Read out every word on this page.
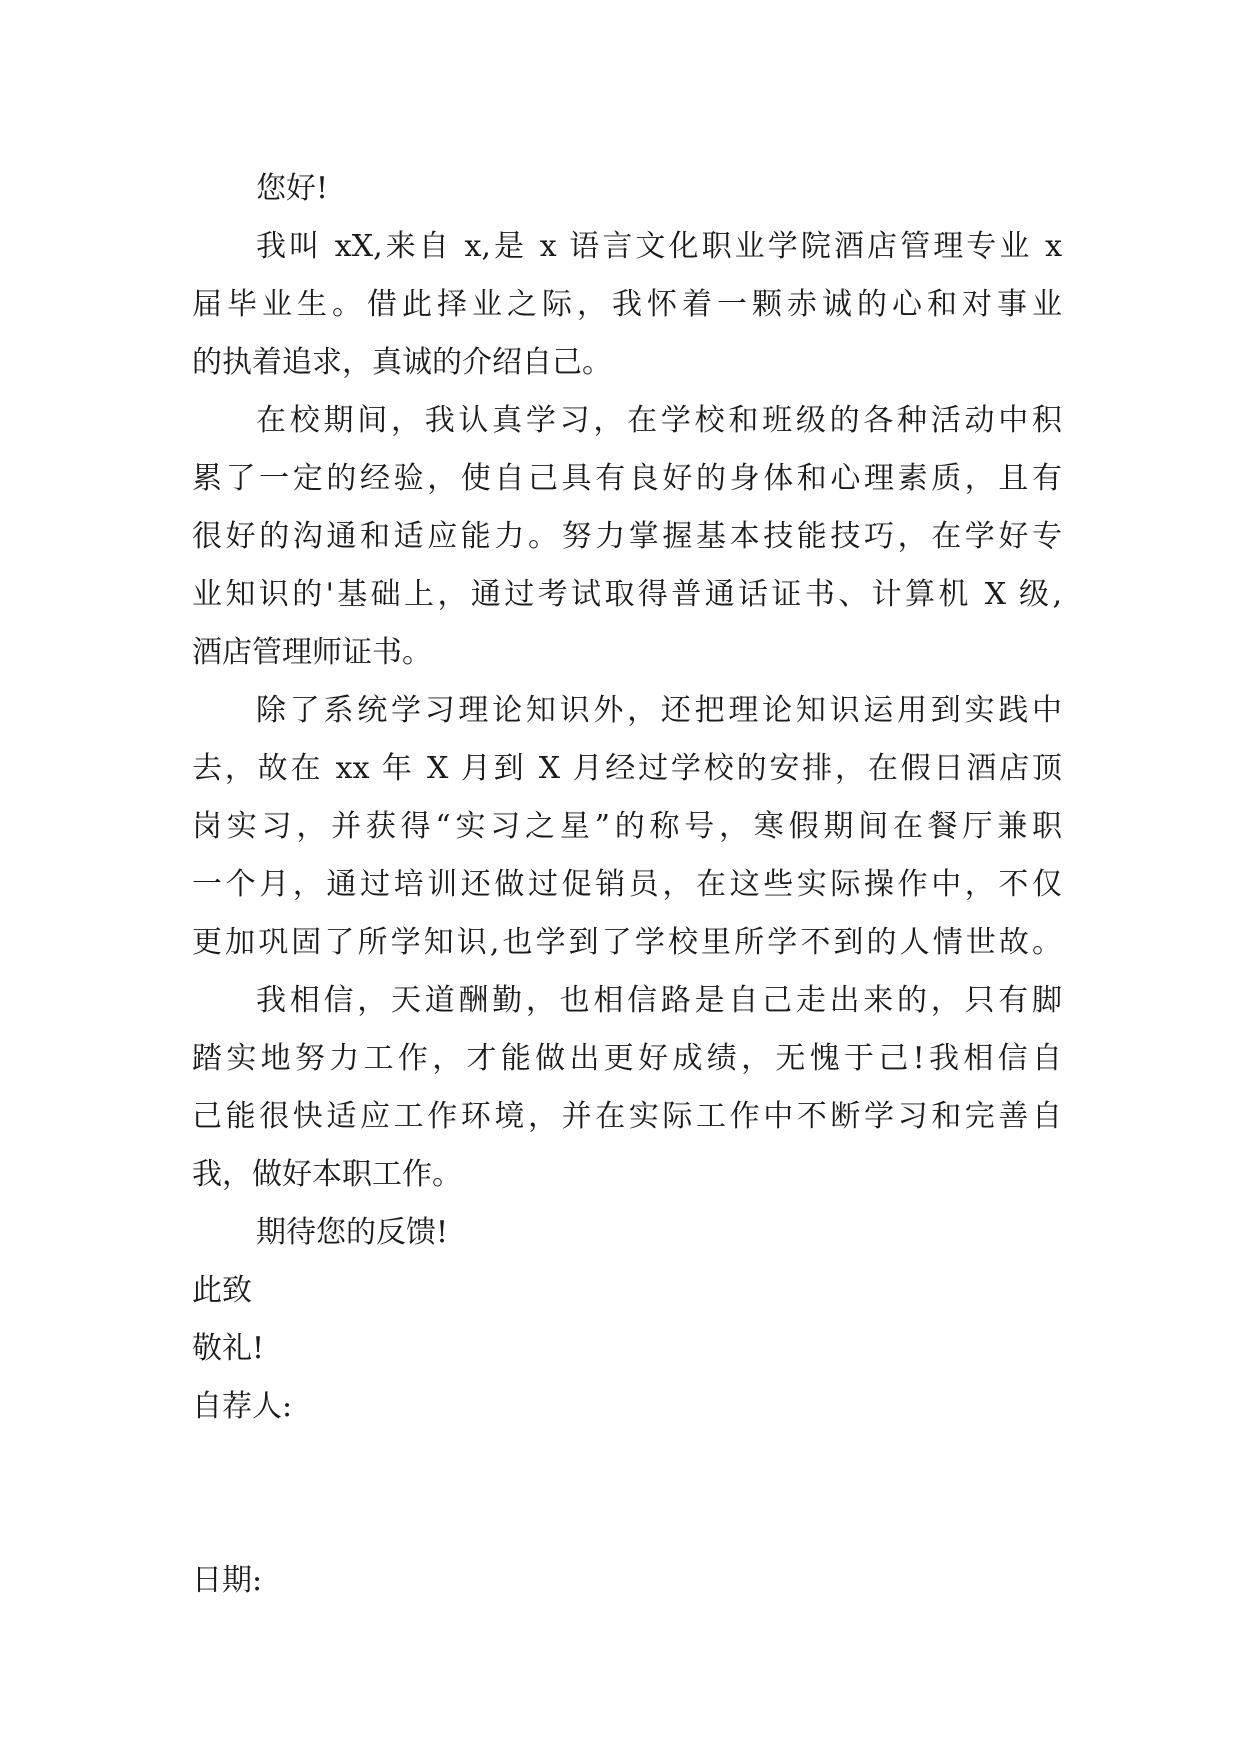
您好!
我叫 xX,来自 x,是 x 语言文化职业学院酒店管理专业 x
届毕业生。借此择业之际，我怀着一颗赤诚的心和对事业
的执着追求，真诚的介绍自己。
在校期间，我认真学习，在学校和班级的各种活动中积
累了一定的经验，使自己具有良好的身体和心理素质，且有
很好的沟通和适应能力。努力掌握基本技能技巧，在学好专
业知识的'基础上，通过考试取得普通话证书、计算机 X 级,
酒店管理师证书。
除了系统学习理论知识外，还把理论知识运用到实践中
去，故在 xx 年 X 月到 X 月经过学校的安排，在假日酒店顶
岗实习，并获得“实习之星”的称号，寒假期间在餐厅兼职
一个月，通过培训还做过促销员，在这些实际操作中，不仅
更加巩固了所学知识,也学到了学校里所学不到的人情世故。
我相信，天道酬勤，也相信路是自己走出来的，只有脚
踏实地努力工作，才能做出更好成绩，无愧于己!我相信自
己能很快适应工作环境，并在实际工作中不断学习和完善自
我，做好本职工作。
期待您的反馈!
此致
敬礼!
自荐人:
日期:
